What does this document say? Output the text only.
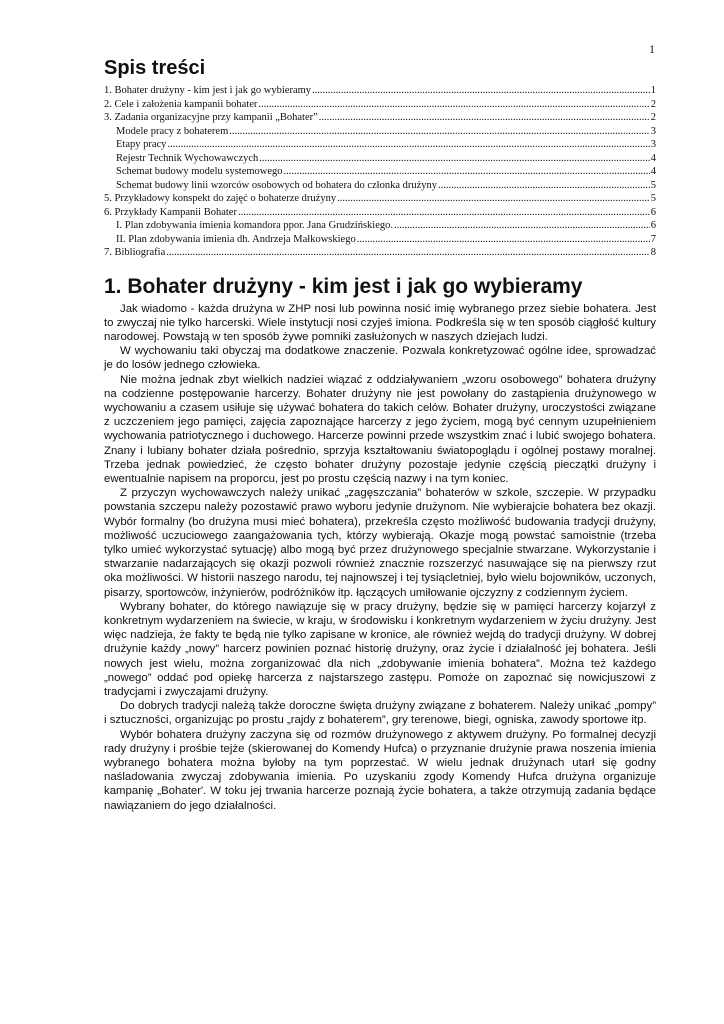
1
Spis treści
1. Bohater drużyny - kim jest i jak go wybieramy .....	1
2. Cele i założenia kampanii bohater .....	2
3. Zadania organizacyjne przy kampanii „Bohater” .....	2
Modele pracy z bohaterem .....	3
Etapy pracy .....	3
Rejestr Technik Wychowawczych .....	4
Schemat budowy modelu systemowego .....	4
Schemat budowy linii wzorców osobowych od bohatera do członka drużyny .....	5
5. Przykładowy konspekt do zajęć o bohaterze drużyny .....	5
6. Przykłady Kampanii Bohater .....	6
I. Plan zdobywania imienia komandora ppor. Jana Grudzińskiego. .....	6
II. Plan zdobywania imienia dh. Andrzeja Małkowskiego .....	7
7. Bibliografia .....	8
1. Bohater drużyny - kim jest i jak go wybieramy

Jak wiadomo - każda drużyna w ZHP nosi lub powinna nosić imię wybranego przez siebie bohatera. Jest to zwyczaj nie tylko harcerski. Wiele instytucji nosi czyjeś imiona. Podkreśla się w ten sposób ciągłość kultury narodowej. Powstają w ten sposób żywe pomniki zasłużonych w naszych dziejach ludzi.

W wychowaniu taki obyczaj ma dodatkowe znaczenie. Pozwala konkretyzować ogólne idee, sprowadzać je do losów jednego człowieka.

Nie można jednak zbyt wielkich nadziei wiązać z oddziaływaniem „wzoru osobowego” bohatera drużyny na codzienne postępowanie harcerzy. Bohater drużyny nie jest powołany do zastąpienia drużynowego w wychowaniu a czasem usiłuje się używać bohatera do takich celów. Bohater drużyny, uroczystości związane z uczczeniem jego pamięci, zajęcia zapoznające harcerzy z jego życiem, mogą być cennym uzupełnieniem wychowania patriotycznego i duchowego. Harcerze powinni przede wszystkim znać i lubić swojego bohatera. Znany i lubiany bohater działa pośrednio, sprzyja kształtowaniu światopoglądu i ogólnej postawy moralnej. Trzeba jednak powiedzieć, że często bohater drużyny pozostaje jedynie częścią pieczątki drużyny i ewentualnie napisem na proporcu, jest po prostu częścią nazwy i na tym koniec.

Z przyczyn wychowawczych należy unikać „zagęszczania” bohaterów w szkole, szczepie. W przypadku powstania szczepu należy pozostawić prawo wyboru jedynie drużynom. Nie wybierajcie bohatera bez okazji. Wybór formalny (bo drużyna musi mieć bohatera), przekreśla często możliwość budowania tradycji drużyny, możliwość uczuciowego zaangażowania tych, którzy wybierają. Okazje mogą powstać samoistnie (trzeba tylko umieć wykorzystać sytuację) albo mogą być przez drużynowego specjalnie stwarzane. Wykorzystanie i stwarzanie nadarzających się okazji pozwoli również znacznie rozszerzyć nasuwające się na pierwszy rzut oka możliwości. W historii naszego narodu, tej najnowszej i tej tysiącletniej, było wielu bojowników, uczonych, pisarzy, sportowców, inżynierów, podróżników itp. łączących umiłowanie ojczyzny z codziennym życiem.

Wybrany bohater, do którego nawiązuje się w pracy drużyny, będzie się w pamięci harcerzy kojarzył z konkretnym wydarzeniem na świecie, w kraju, w środowisku i konkretnym wydarzeniem w życiu drużyny. Jest więc nadzieja, że fakty te będą nie tylko zapisane w kronice, ale również wejdą do tradycji drużyny. W dobrej drużynie każdy „nowy” harcerz powinien poznać historię drużyny, oraz życie i działalność jej bohatera. Jeśli nowych jest wielu, można zorganizować dla nich „zdobywanie imienia bohatera”. Można też każdego „nowego” oddać pod opiekę harcerza z najstarszego zastępu. Pomoże on zapoznać się nowicjuszowi z tradycjami i zwyczajami drużyny.

Do dobrych tradycji należą także doroczne święta drużyny związane z bohaterem. Należy unikać „pompy” i sztuczności, organizując po prostu „rajdy z bohaterem”, gry terenowe, biegi, ogniska, zawody sportowe itp.

Wybór bohatera drużyny zaczyna się od rozmów drużynowego z aktywem drużyny. Po formalnej decyzji rady drużyny i prośbie tejże (skierowanej do Komendy Hufca) o przyznanie drużynie prawa noszenia imienia wybranego bohatera można byłoby na tym poprzestać. W wielu jednak drużynach utarł się godny naśladowania zwyczaj zdobywania imienia. Po uzyskaniu zgody Komendy Hufca drużyna organizuje kampanię „Bohater'. W toku jej trwania harcerze poznają życie bohatera, a także otrzymują zadania będące nawiązaniem do jego działalności.
